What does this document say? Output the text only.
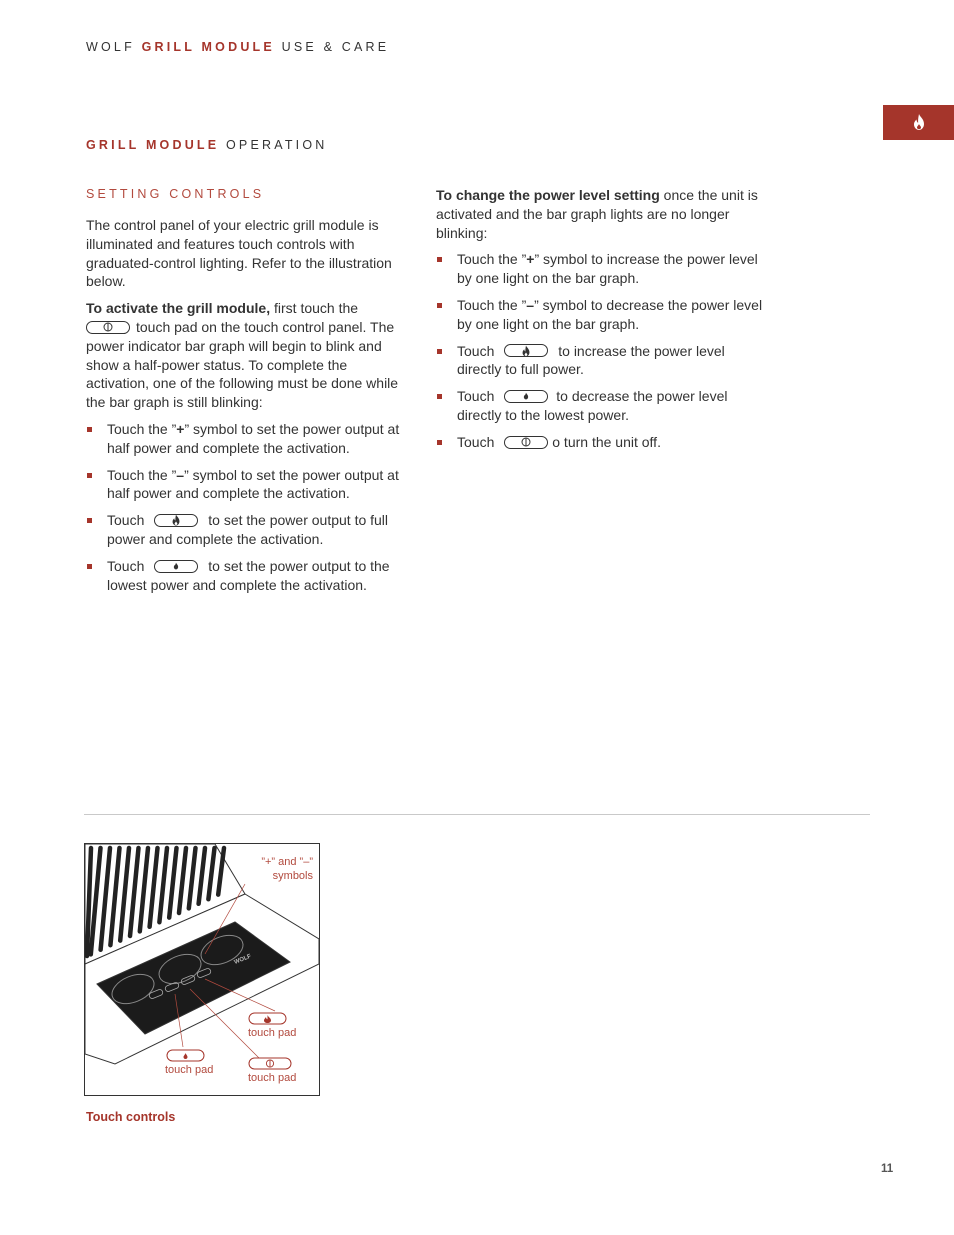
WOLF GRILL MODULE USE & CARE
GRILL MODULE OPERATION
SETTING CONTROLS

The control panel of your electric grill module is illuminated and features touch controls with graduated-control lighting. Refer to the illustration below.

To activate the grill module, first touch the
touch pad on the touch control panel. The power indicator bar graph will begin to blink and show a half-power status. To complete the activation, one of the following must be done while the bar graph is still blinking:

Touch the ”+” symbol to set the power output at half power and complete the activation.
Touch the ”–” symbol to set the power output at half power and complete the activation.
Touch	to set the power output to full power and complete the activation.
Touch	to set the power output to the lowest power and complete the activation.

To change the power level setting once the unit is activated and the bar graph lights are no longer blinking:

Touch the ”+” symbol to increase the power level by one light on the bar graph.
Touch the ”–” symbol to decrease the power level by one light on the bar graph.
Touch	to increase the power level directly to full power.
Touch	to decrease the power level directly to the lowest power.
Touch	o turn the unit off.
WOLF
”+” and ”–”
symbols
touch pad
touch pad
touch pad
Touch controls
11
